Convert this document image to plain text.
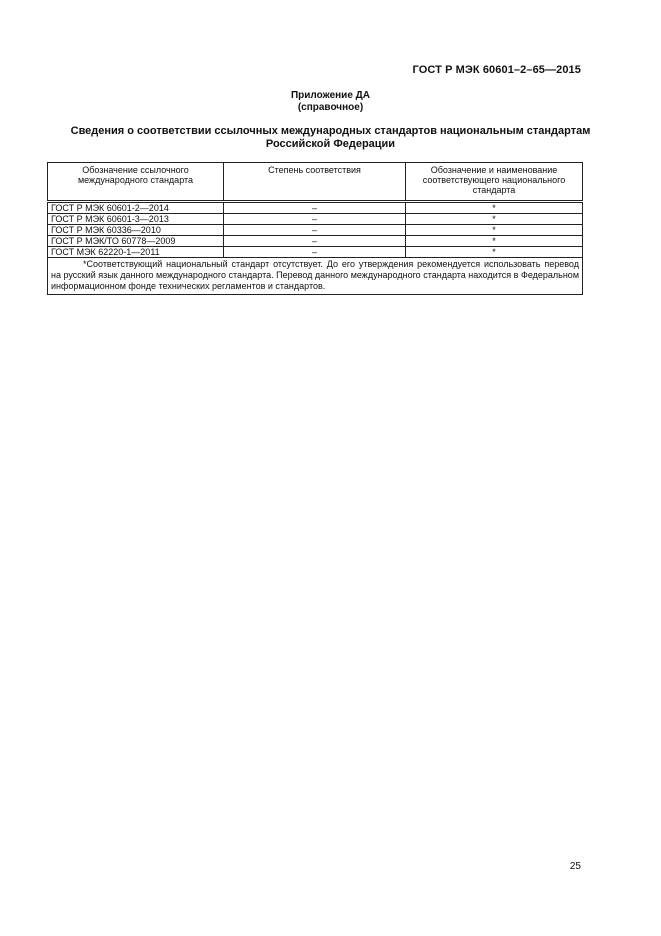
ГОСТ Р МЭК 60601–2–65—2015
Приложение ДА
(справочное)
Сведения о соответствии ссылочных международных стандартов национальным стандартам Российской Федерации
Обозначение ссылочного международного стандарта	Степень соответствия	Обозначение и наименование соответствующего национального стандарта
ГОСТ Р МЭК 60601-2—2014	–	*
ГОСТ Р МЭК 60601-3—2013	–	*
ГОСТ Р МЭК 60336—2010	–	*
ГОСТ Р МЭК/ТО 60778—2009	–	*
ГОСТ МЭК 62220-1—2011	–	*

*Соответствующий национальный стандарт отсутствует. До его утверждения рекомендуется использовать перевод на русский язык данного международного стандарта. Перевод данного международного стандарта находится в Федеральном информационном фонде технических регламентов и стандартов.		
25
